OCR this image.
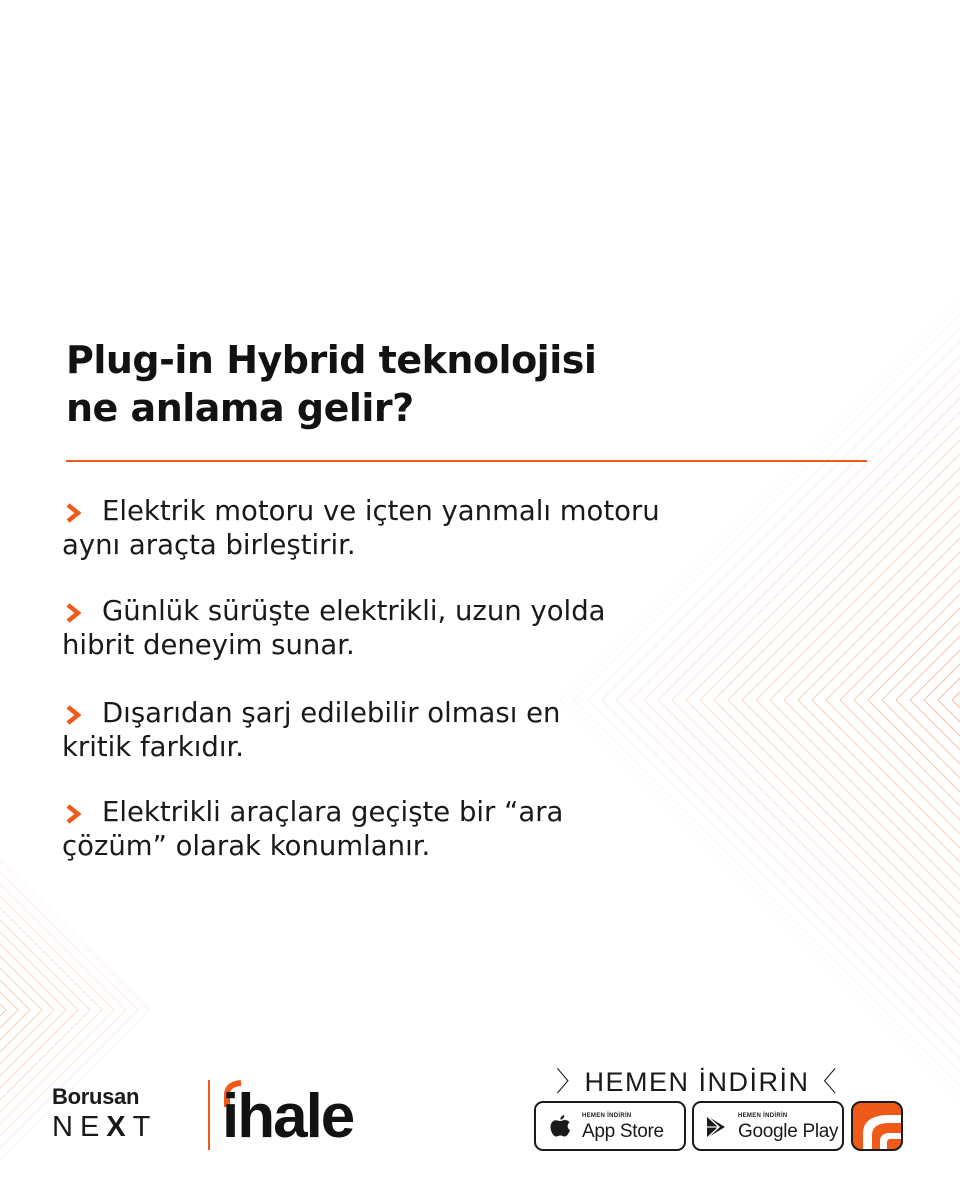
Plug-in Hybrid teknolojisi
ne anlama gelir?
Elektrik motoru ve içten yanmalı motoru
aynı araçta birleştirir.
Günlük sürüşte elektrikli, uzun yolda
hibrit deneyim sunar.
Dışarıdan şarj edilebilir olması en
kritik farkıdır.
Elektrikli araçlara geçişte bir “ara
çözüm” olarak konumlanır.
Borusan
NEXT ihale	〉HEMEN İNDİRİN〈
HEMEN İNDİRİN
App Store
HEMEN İNDİRİN
Google Play
